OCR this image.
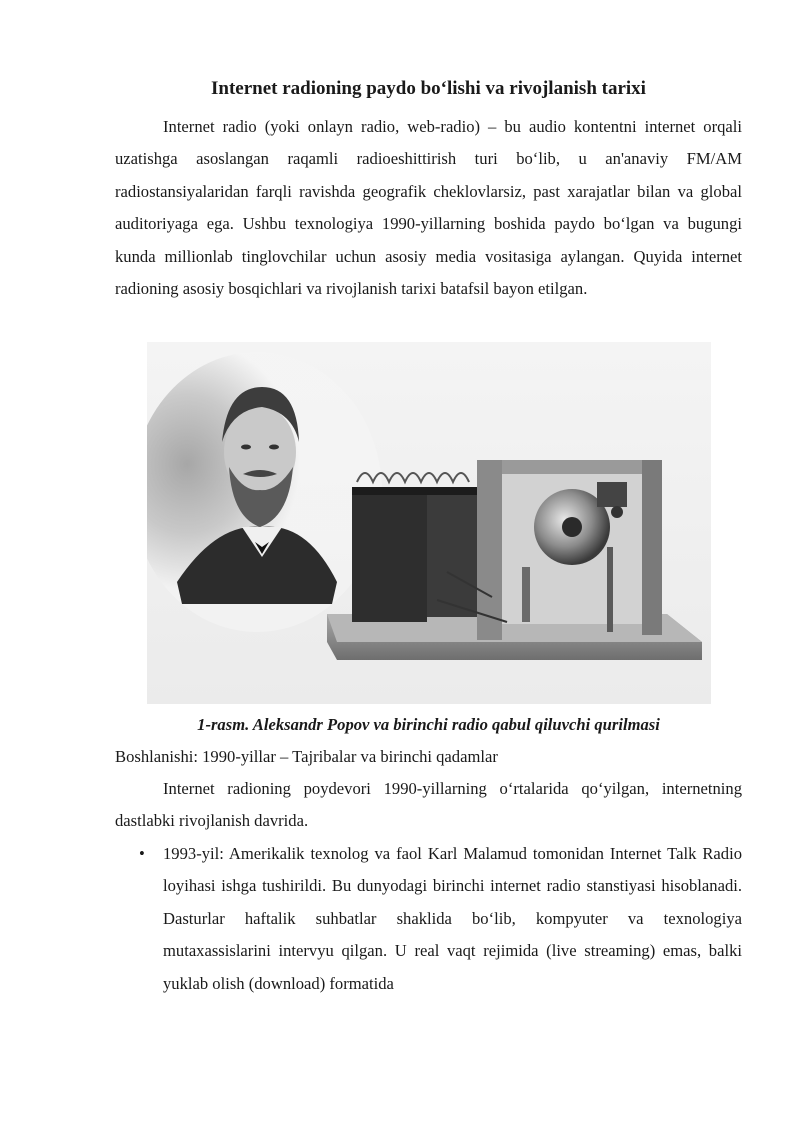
Internet radioning paydo bo‘lishi va rivojlanish tarixi

Internet radio (yoki onlayn radio, web-radio) – bu audio kontentni internet orqali uzatishga asoslangan raqamli radioeshittirish turi bo‘lib, u an'anaviy FM/AM radiostansiyalaridan farqli ravishda geografik cheklovlarsiz, past xarajatlar bilan va global auditoriyaga ega. Ushbu texnologiya 1990-yillarning boshida paydo bo‘lgan va bugungi kunda millionlab tinglovchilar uchun asosiy media vositasiga aylangan. Quyida internet radioning asosiy bosqichlari va rivojlanish tarixi batafsil bayon etilgan.

1-rasm. Aleksandr Popov va birinchi radio qabul qiluvchi qurilmasi

Boshlanishi: 1990-yillar – Tajribalar va birinchi qadamlar

Internet radioning poydevori 1990-yillarning o‘rtalarida qo‘yilgan, internetning dastlabki rivojlanish davrida.

• 1993-yil: Amerikalik texnolog va faol Karl Malamud tomonidan Internet Talk Radio loyihasi ishga tushirildi. Bu dunyodagi birinchi internet radio stanstiyasi hisoblanadi. Dasturlar haftalik suhbatlar shaklida bo‘lib, kompyuter va texnologiya mutaxassislarini intervyu qilgan. U real vaqt rejimida (live streaming) emas, balki yuklab olish (download) formatida
